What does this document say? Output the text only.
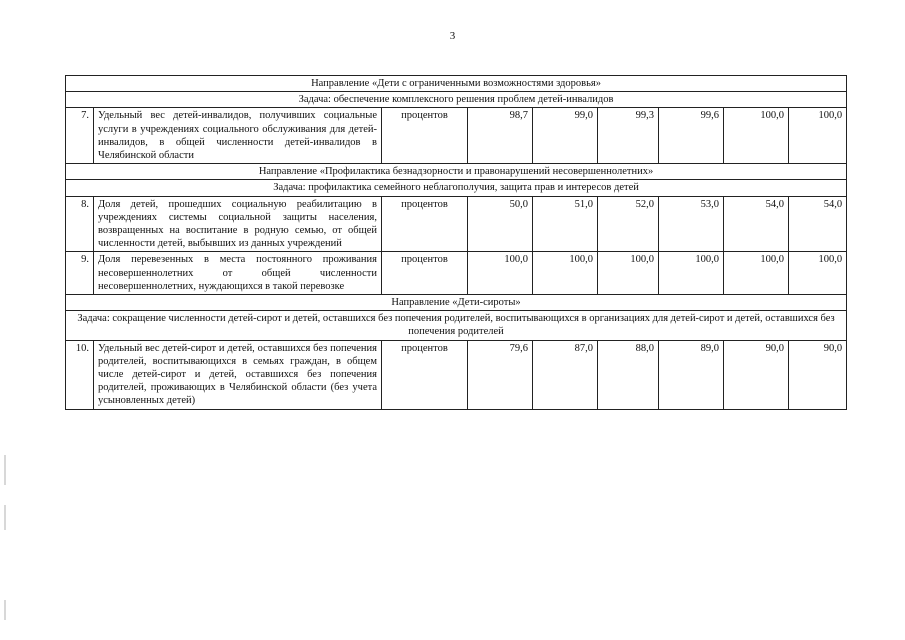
3
Направление «Дети с ограниченными возможностями здоровья»								
Задача: обеспечение комплексного решения проблем детей-инвалидов								
7.	Удельный вес детей-инвалидов, получивших социальные услуги в учреждениях социального обслуживания для детей-инвалидов, в общей численности детей-инвалидов в Челябинской области	процентов	98,7	99,0	99,3	99,6	100,0	100,0
Направление «Профилактика безнадзорности и правонарушений несовершеннолетних»								
Задача: профилактика семейного неблагополучия, защита прав и интересов детей								
8.	Доля детей, прошедших социальную реабилитацию в учреждениях системы социальной защиты населения, возвращенных на воспитание в родную семью, от общей численности детей, выбывших из данных учреждений	процентов	50,0	51,0	52,0	53,0	54,0	54,0
9.	Доля перевезенных в места постоянного проживания несовершеннолетних от общей численности несовершеннолетних, нуждающихся в такой перевозке	процентов	100,0	100,0	100,0	100,0	100,0	100,0
Направление «Дети-сироты»								
Задача: сокращение численности детей-сирот и детей, оставшихся без попечения родителей, воспитывающихся в организациях для детей-сирот и детей, оставшихся без попечения родителей								
10.	Удельный вес детей-сирот и детей, оставшихся без попечения родителей, воспитывающихся в семьях граждан, в общем числе детей-сирот и детей, оставшихся без попечения родителей, проживающих в Челябинской области (без учета усыновленных детей)	процентов	79,6	87,0	88,0	89,0	90,0	90,0
